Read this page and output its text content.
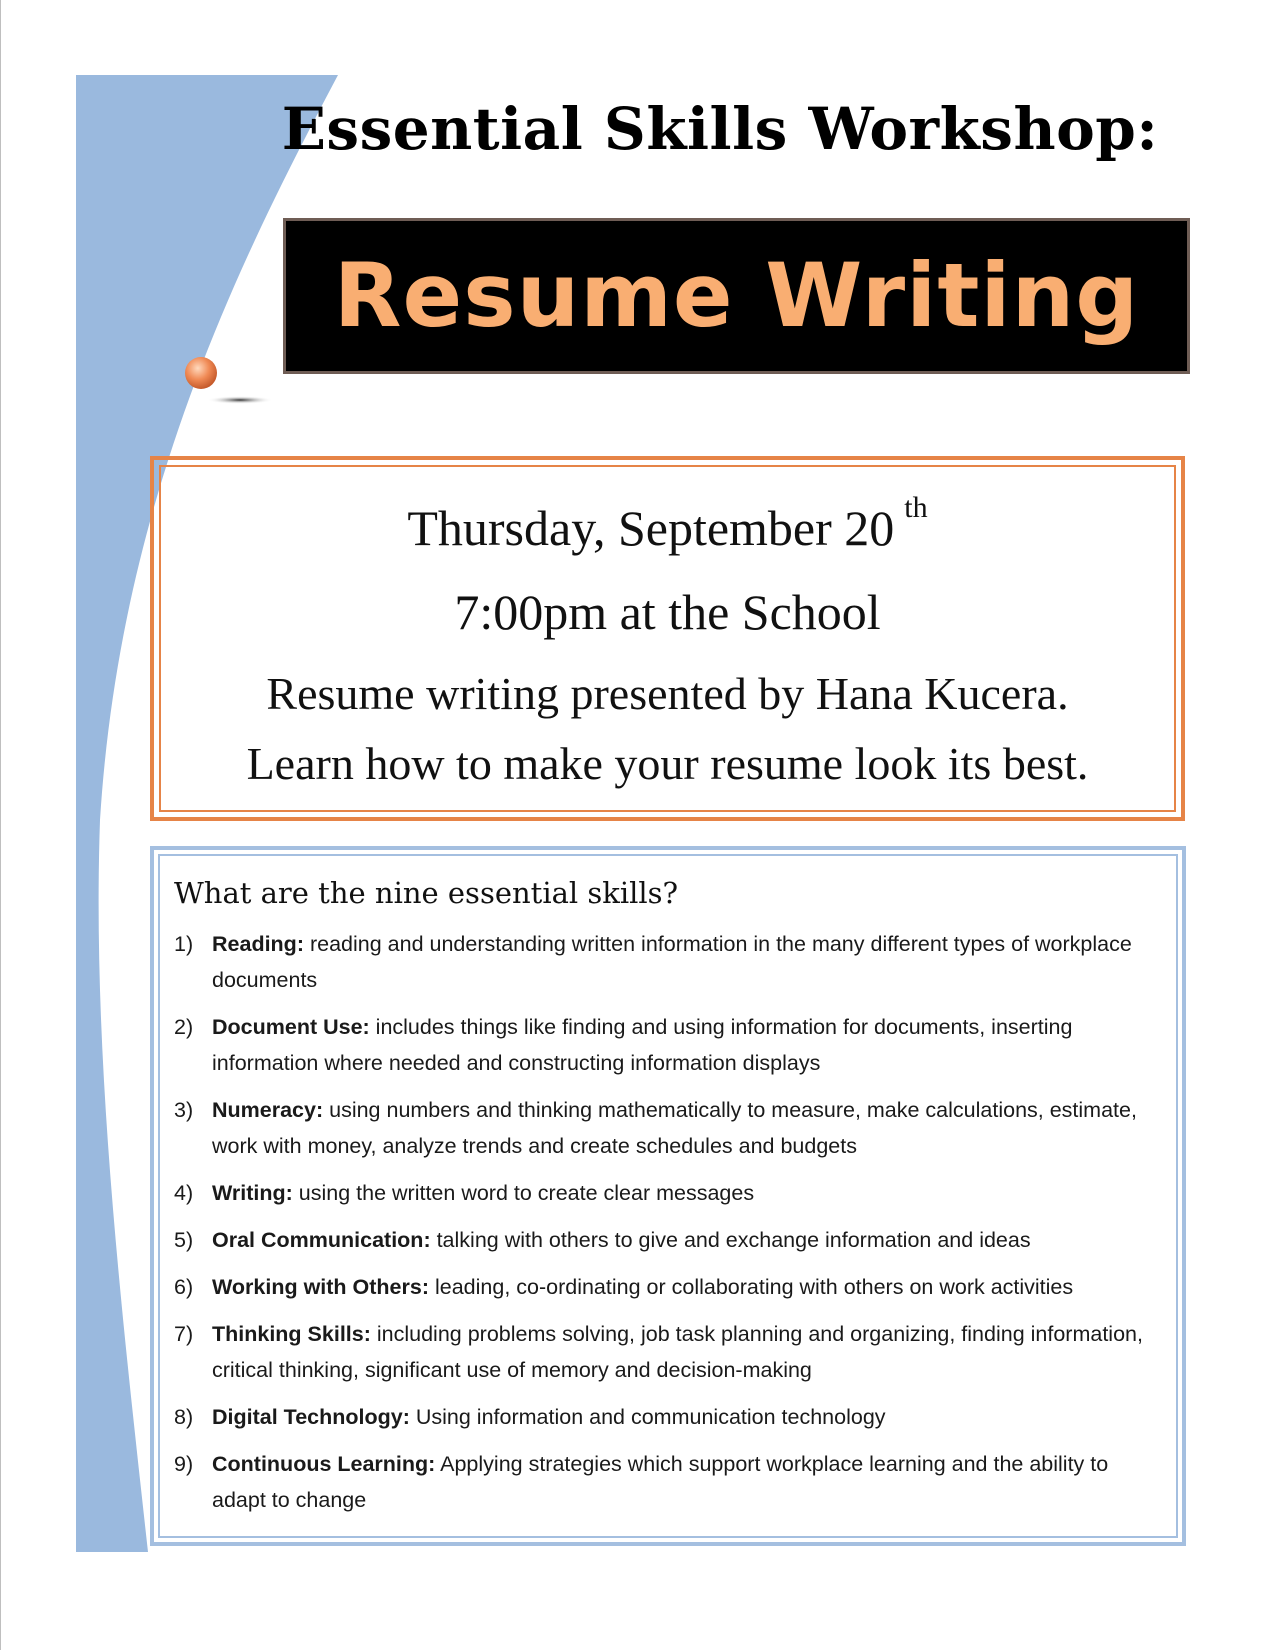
Essential Skills Workshop:
Resume Writing
Thursday, September 20 $^{th}$
7:00pm at the School
Resume writing presented by Hana Kucera.
Learn how to make your resume look its best.
What are the nine essential skills?
1) Reading: reading and understanding written information in the many different types of workplace documents
2) Document Use: includes things like finding and using information for documents, inserting information where needed and constructing information displays
3) Numeracy: using numbers and thinking mathematically to measure, make calculations, estimate, work with money, analyze trends and create schedules and budgets
4) Writing: using the written word to create clear messages
5) Oral Communication: talking with others to give and exchange information and ideas
6) Working with Others: leading, co-ordinating or collaborating with others on work activities
7) Thinking Skills: including problems solving, job task planning and organizing, finding information, critical thinking, significant use of memory and decision-making
8) Digital Technology: Using information and communication technology
9) Continuous Learning: Applying strategies which support workplace learning and the ability to adapt to change
